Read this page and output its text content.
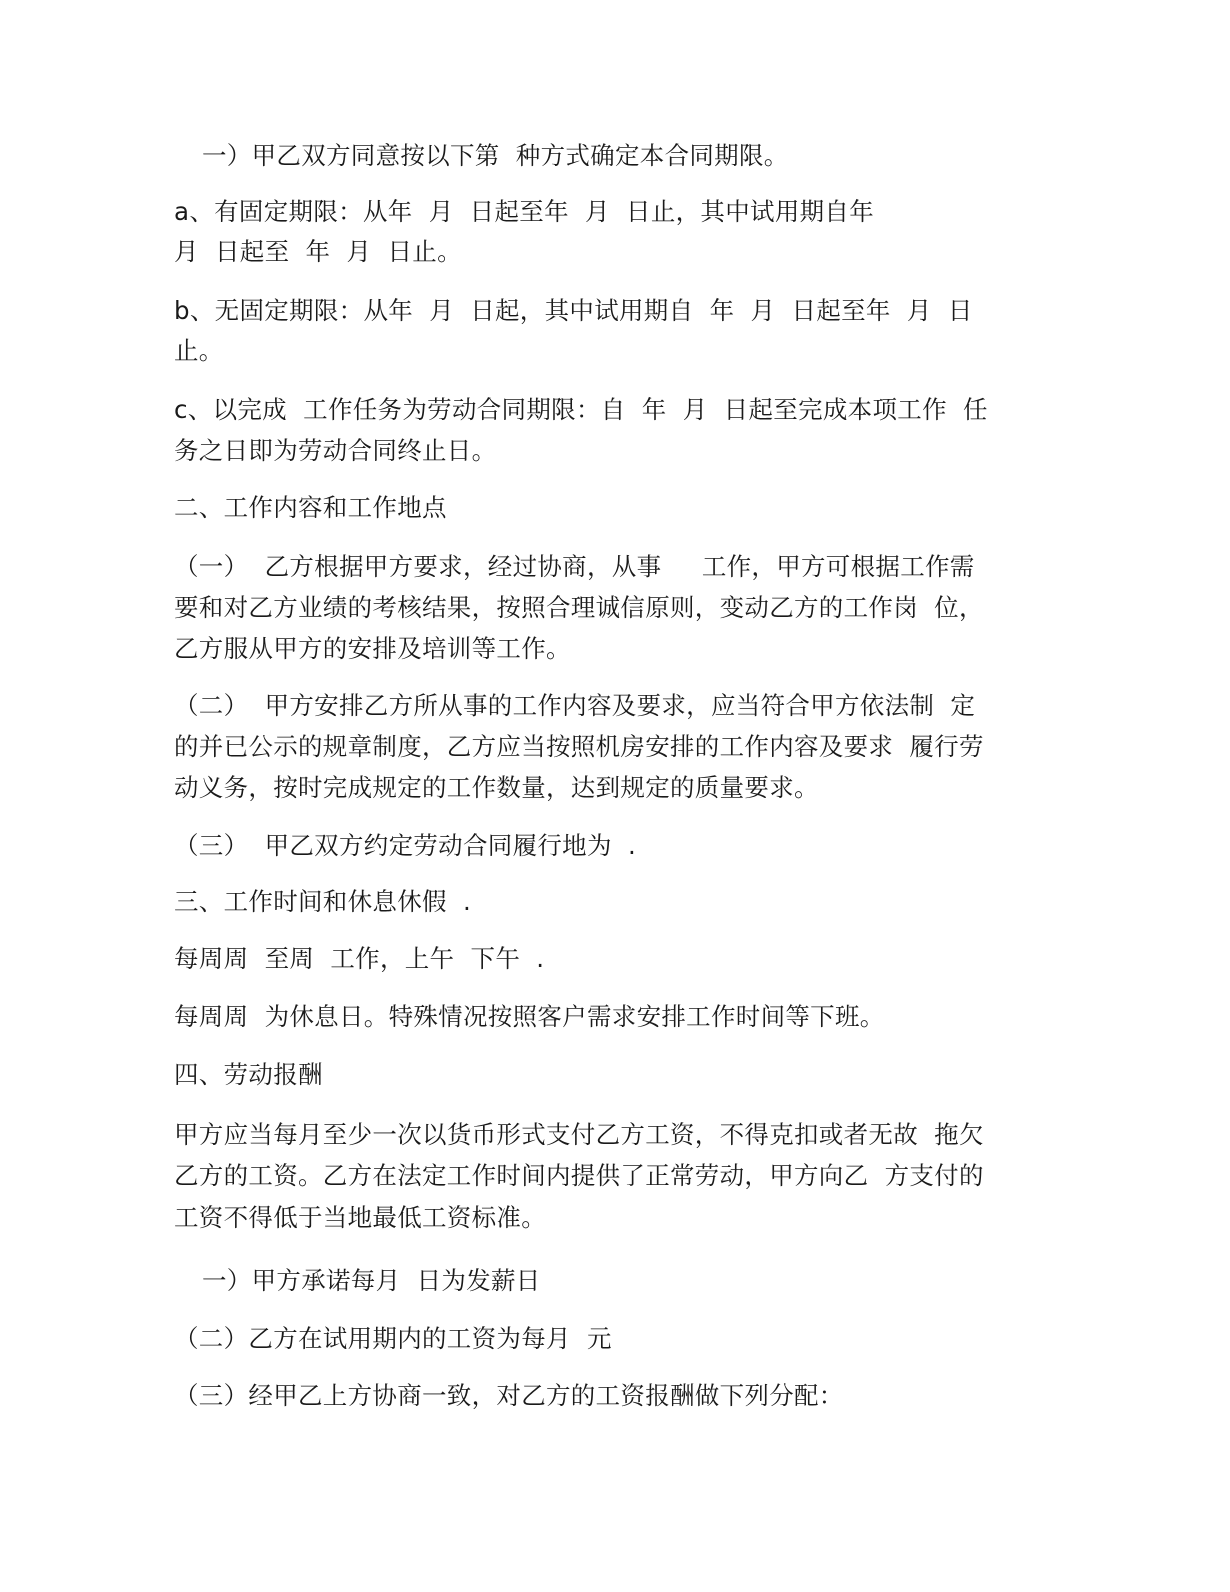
一）甲乙双方同意按以下第  种方式确定本合同期限。
a、有固定期限：从年  月  日起至年  月  日止，其中试用期自年
月  日起至  年  月  日止。
b、无固定期限：从年  月  日起，其中试用期自  年  月  日起至年  月  日
止。
c、以完成  工作任务为劳动合同期限：自  年  月  日起至完成本项工作  任
务之日即为劳动合同终止日。
二、工作内容和工作地点
（一）  乙方根据甲方要求，经过协商，从事     工作，甲方可根据工作需
要和对乙方业绩的考核结果，按照合理诚信原则，变动乙方的工作岗  位，
乙方服从甲方的安排及培训等工作。
（二）  甲方安排乙方所从事的工作内容及要求，应当符合甲方依法制  定
的并已公示的规章制度，乙方应当按照机房安排的工作内容及要求  履行劳
动义务，按时完成规定的工作数量，达到规定的质量要求。
（三）  甲乙双方约定劳动合同履行地为  .
三、工作时间和休息休假  .
每周周  至周  工作，上午  下午  .
每周周  为休息日。特殊情况按照客户需求安排工作时间等下班。
四、劳动报酬
甲方应当每月至少一次以货币形式支付乙方工资，不得克扣或者无故  拖欠
乙方的工资。乙方在法定工作时间内提供了正常劳动，甲方向乙  方支付的
工资不得低于当地最低工资标准。
一）甲方承诺每月  日为发薪日
（二）乙方在试用期内的工资为每月  元
（三）经甲乙上方协商一致，对乙方的工资报酬做下列分配：
